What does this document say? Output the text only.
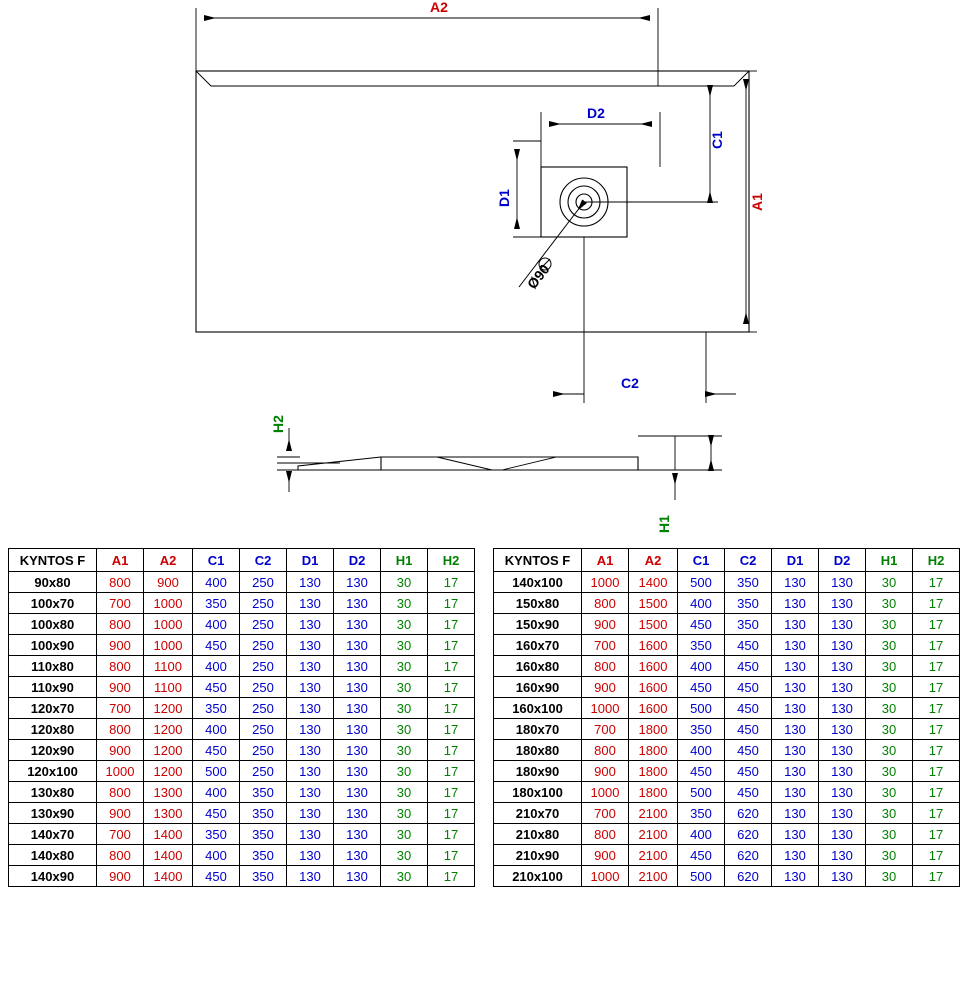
Ø90
A2
A1
C1
C2
D2
D1
H2
H1
KYNTOS F	A1	A2	C1	C2	D1	D2	H1	H2
90x80	800	900	400	250	130	130	30	17
100x70	700	1000	350	250	130	130	30	17
100x80	800	1000	400	250	130	130	30	17
100x90	900	1000	450	250	130	130	30	17
110x80	800	1100	400	250	130	130	30	17
110x90	900	1100	450	250	130	130	30	17
120x70	700	1200	350	250	130	130	30	17
120x80	800	1200	400	250	130	130	30	17
120x90	900	1200	450	250	130	130	30	17
120x100	1000	1200	500	250	130	130	30	17
130x80	800	1300	400	350	130	130	30	17
130x90	900	1300	450	350	130	130	30	17
140x70	700	1400	350	350	130	130	30	17
140x80	800	1400	400	350	130	130	30	17
140x90	900	1400	450	350	130	130	30	17
KYNTOS F	A1	A2	C1	C2	D1	D2	H1	H2
140x100	1000	1400	500	350	130	130	30	17
150x80	800	1500	400	350	130	130	30	17
150x90	900	1500	450	350	130	130	30	17
160x70	700	1600	350	450	130	130	30	17
160x80	800	1600	400	450	130	130	30	17
160x90	900	1600	450	450	130	130	30	17
160x100	1000	1600	500	450	130	130	30	17
180x70	700	1800	350	450	130	130	30	17
180x80	800	1800	400	450	130	130	30	17
180x90	900	1800	450	450	130	130	30	17
180x100	1000	1800	500	450	130	130	30	17
210x70	700	2100	350	620	130	130	30	17
210x80	800	2100	400	620	130	130	30	17
210x90	900	2100	450	620	130	130	30	17
210x100	1000	2100	500	620	130	130	30	17
